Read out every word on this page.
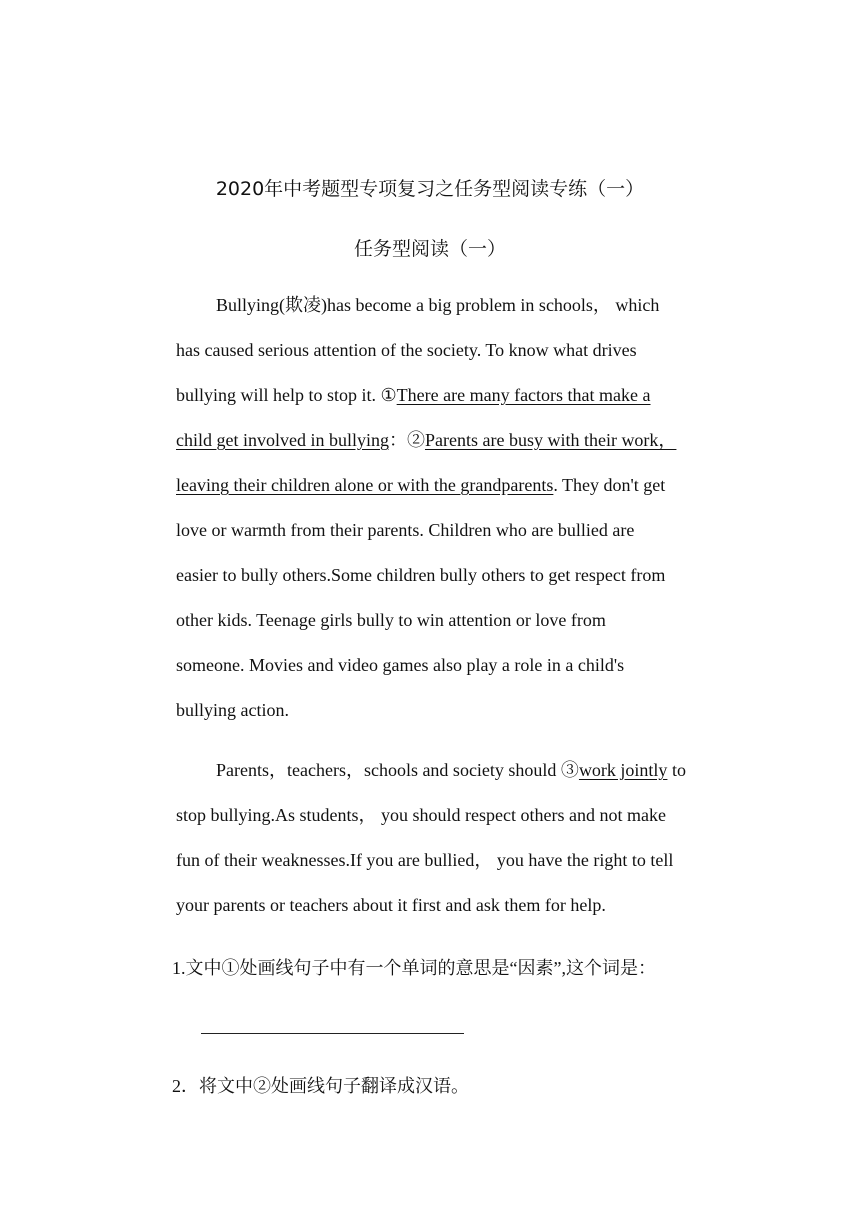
2020年中考题型专项复习之任务型阅读专练（一）
任务型阅读（一）
Bullying(欺凌)has become a big problem in schools， which
has caused serious attention of the society. To know what drives
bullying will help to stop it. ①There are many factors that make a
child get involved in bullying：②Parents are busy with their work，
leaving their children alone or with the grandparents. They don't get
love or warmth from their parents. Children who are bullied are
easier to bully others.Some children bully others to get respect from
other kids. Teenage girls bully to win attention or love from
someone. Movies and video games also play a role in a child's
bullying action.
Parents，teachers，schools and society should ③work jointly to
stop bullying.As students， you should respect others and not make
fun of their weaknesses.If you are bullied， you have the right to tell
your parents or teachers about it first and ask them for help.
1.文中①处画线句子中有一个单词的意思是“因素”,这个词是：
2．将文中②处画线句子翻译成汉语。
